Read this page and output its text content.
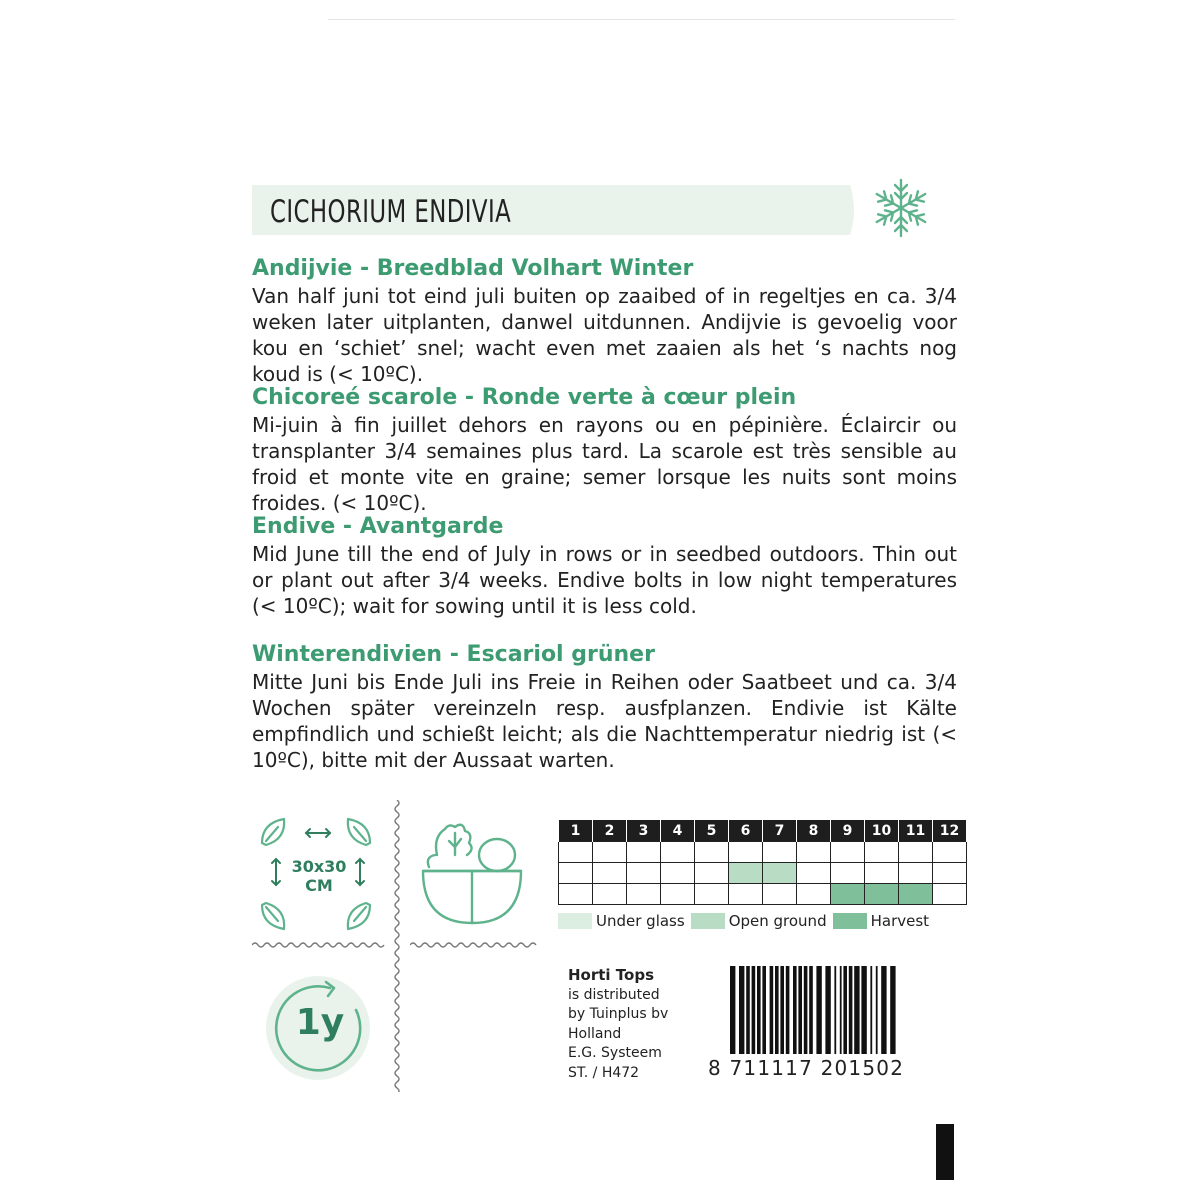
CICHORIUM ENDIVIA
Andijvie - Breedblad Volhart Winter

Van half juni tot eind juli buiten op zaaibed of in regeltjes en ca. 3/4 weken later uitplanten, danwel uitdunnen. Andijvie is gevoelig voor kou en ‘schiet’ snel; wacht even met zaaien als het ‘s nachts nog koud is (< 10ºC).

Chicoreé scarole - Ronde verte à cœur plein

Mi-juin à fin juillet dehors en rayons ou en pépinière. Éclaircir ou transplanter 3/4 semaines plus tard. La scarole est très sensible au froid et monte vite en graine; semer lorsque les nuits sont moins froides. (< 10ºC).

Endive - Avantgarde

Mid June till the end of July in rows or in seedbed outdoors. Thin out or plant out after 3/4 weeks. Endive bolts in low night temperatures (< 10ºC); wait for sowing until it is less cold.

Winterendivien - Escariol grüner

Mitte Juni bis Ende Juli ins Freie in Reihen oder Saatbeet und ca. 3/4 Wochen später vereinzeln resp. ausfplanzen. Endivie ist Kälte empfindlich und schießt leicht; als die Nachttemperatur niedrig ist (< 10ºC), bitte mit der Aussaat warten.

30x30
CM
1y
1	2	3	4	5	6	7	8	9	10	11	12

Under glass	Open ground	Harvest
Horti Tops
is distributed
by Tuinplus bv
Holland
E.G. Systeem
ST. / H472	8 711117 201502
